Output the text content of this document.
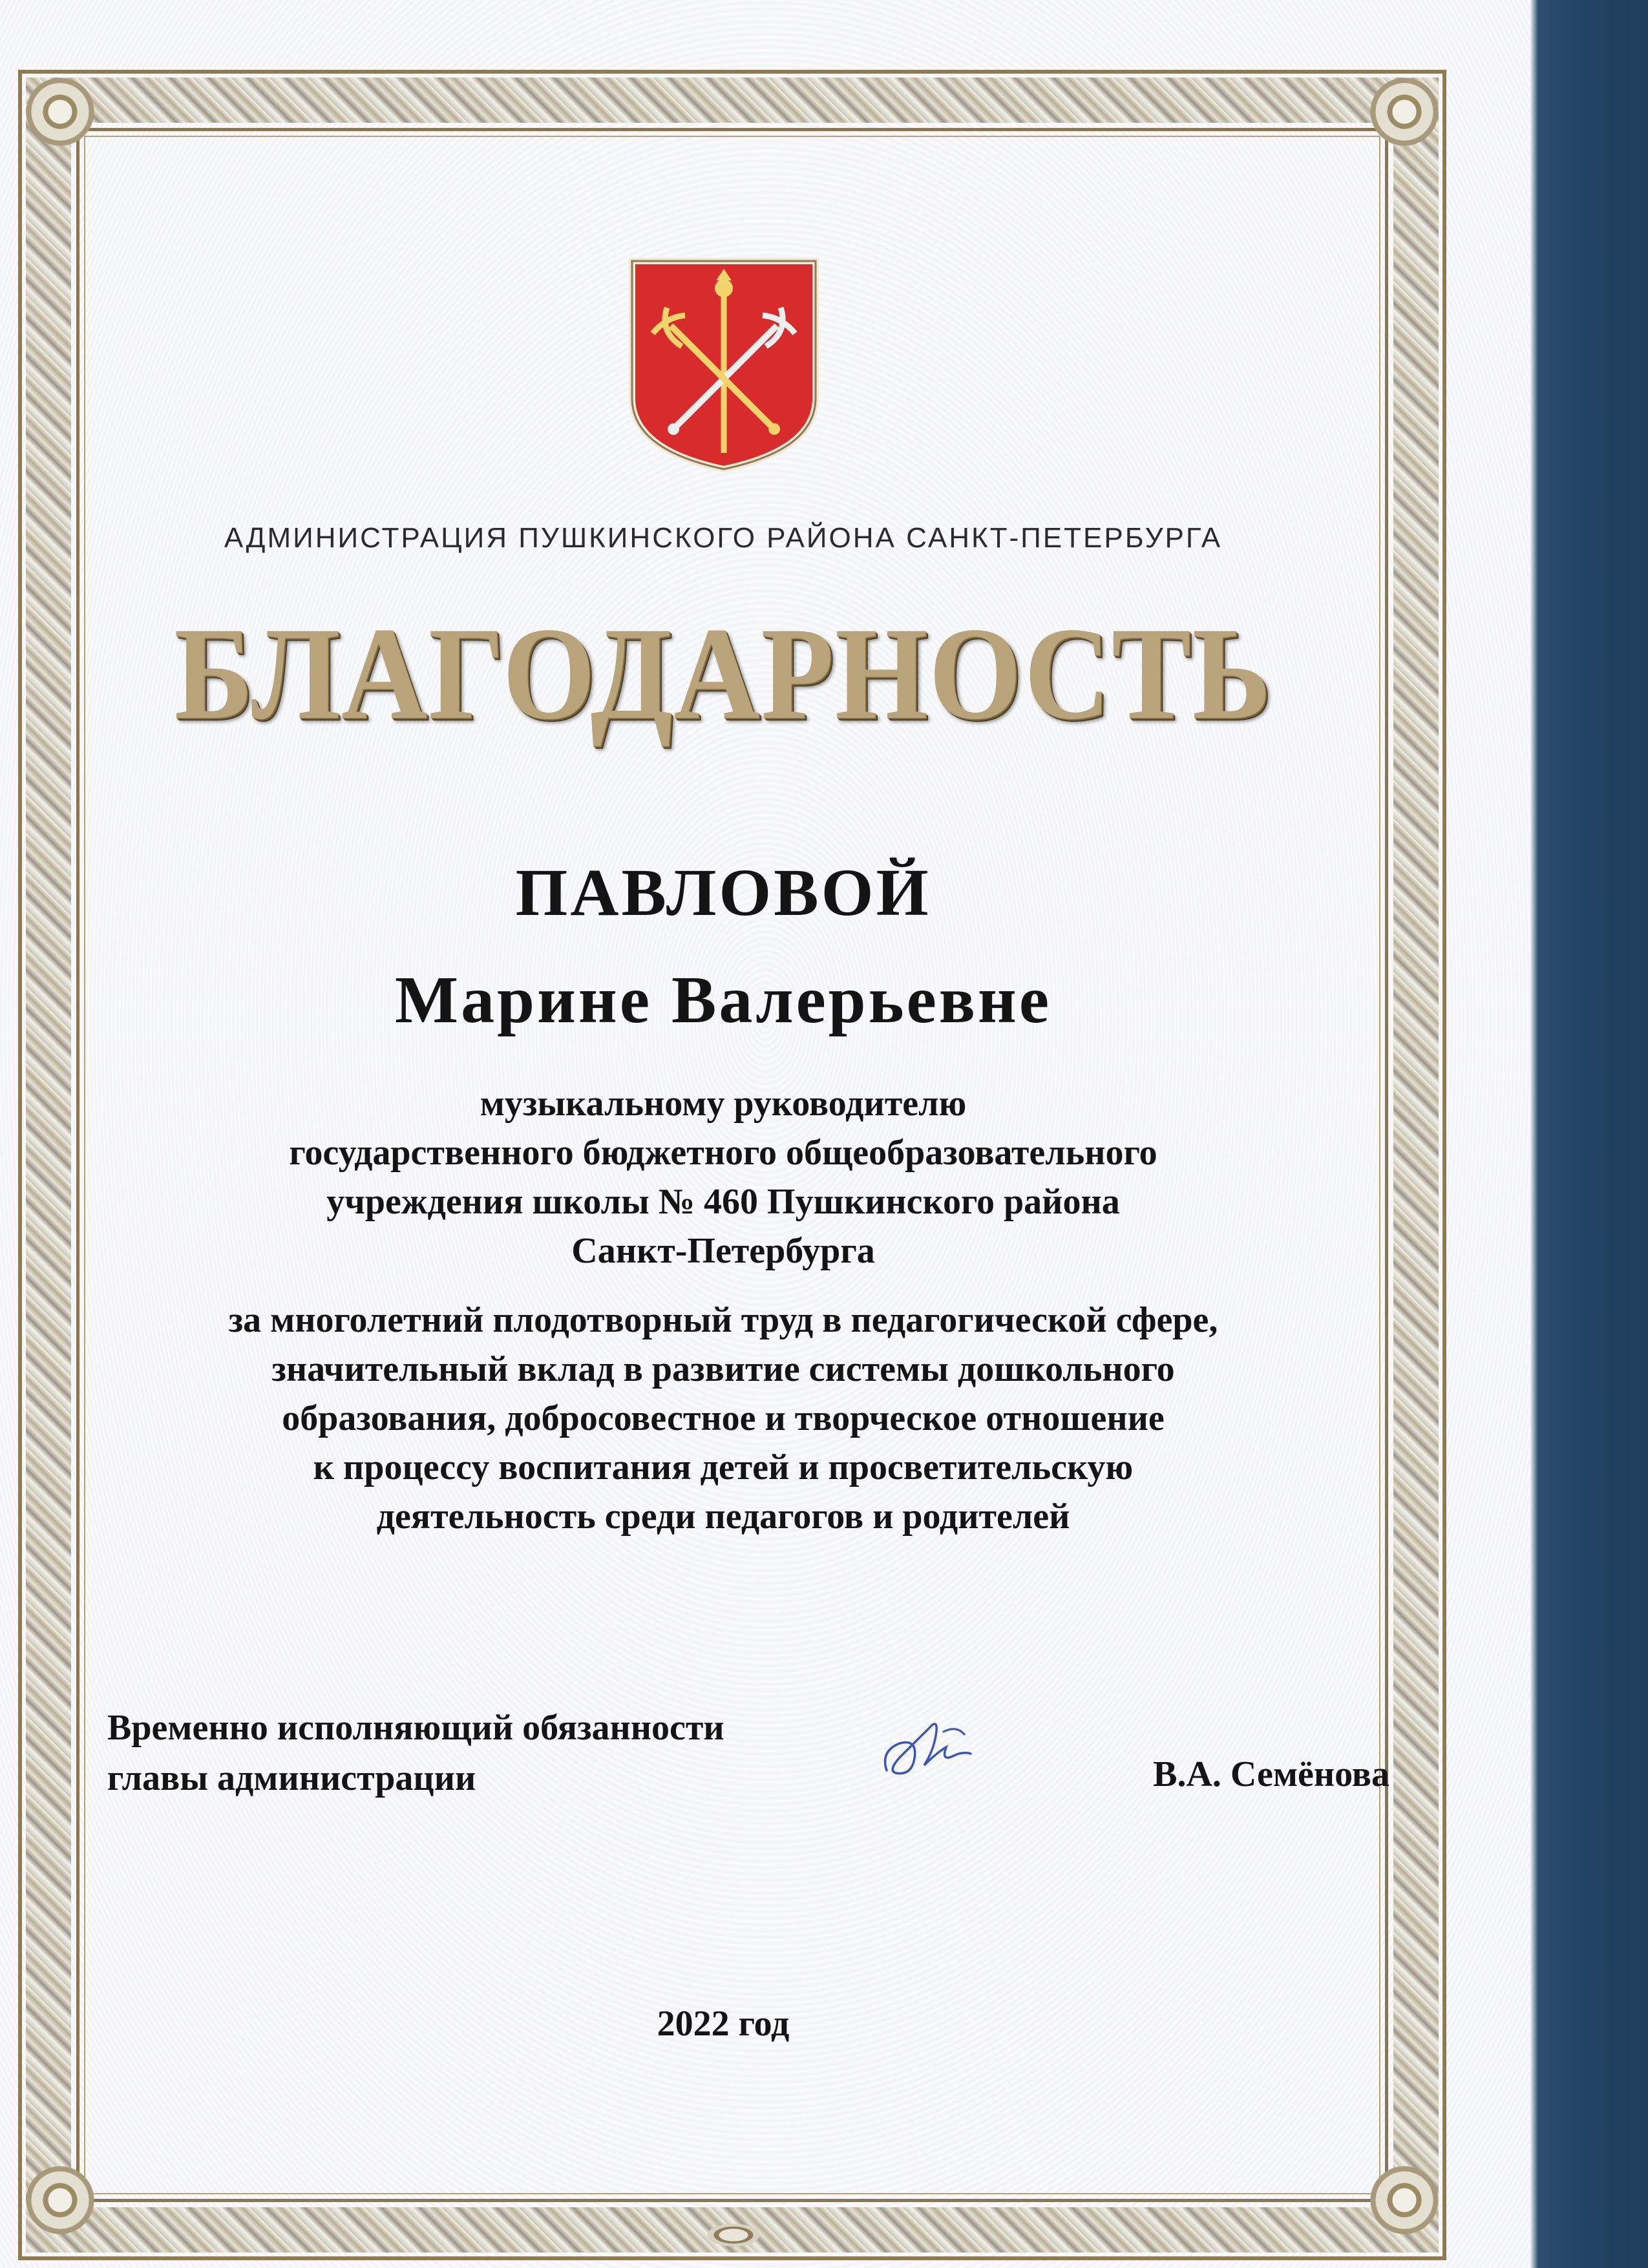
АДМИНИСТРАЦИЯ ПУШКИНСКОГО РАЙОНА САНКТ-ПЕТЕРБУРГА
БЛАГОДАРНОСТЬ
ПАВЛОВОЙ
Марине Валерьевне
музыкальному руководителю
государственного бюджетного общеобразовательного
учреждения школы № 460 Пушкинского района
Санкт-Петербурга
за многолетний плодотворный труд в педагогической сфере,
значительный вклад в развитие системы дошкольного
образования, добросовестное и творческое отношение
к процессу воспитания детей и просветительскую
деятельность среди педагогов и родителей
Временно исполняющий обязанности
главы администрации	В.А. Семёнова
2022 год
